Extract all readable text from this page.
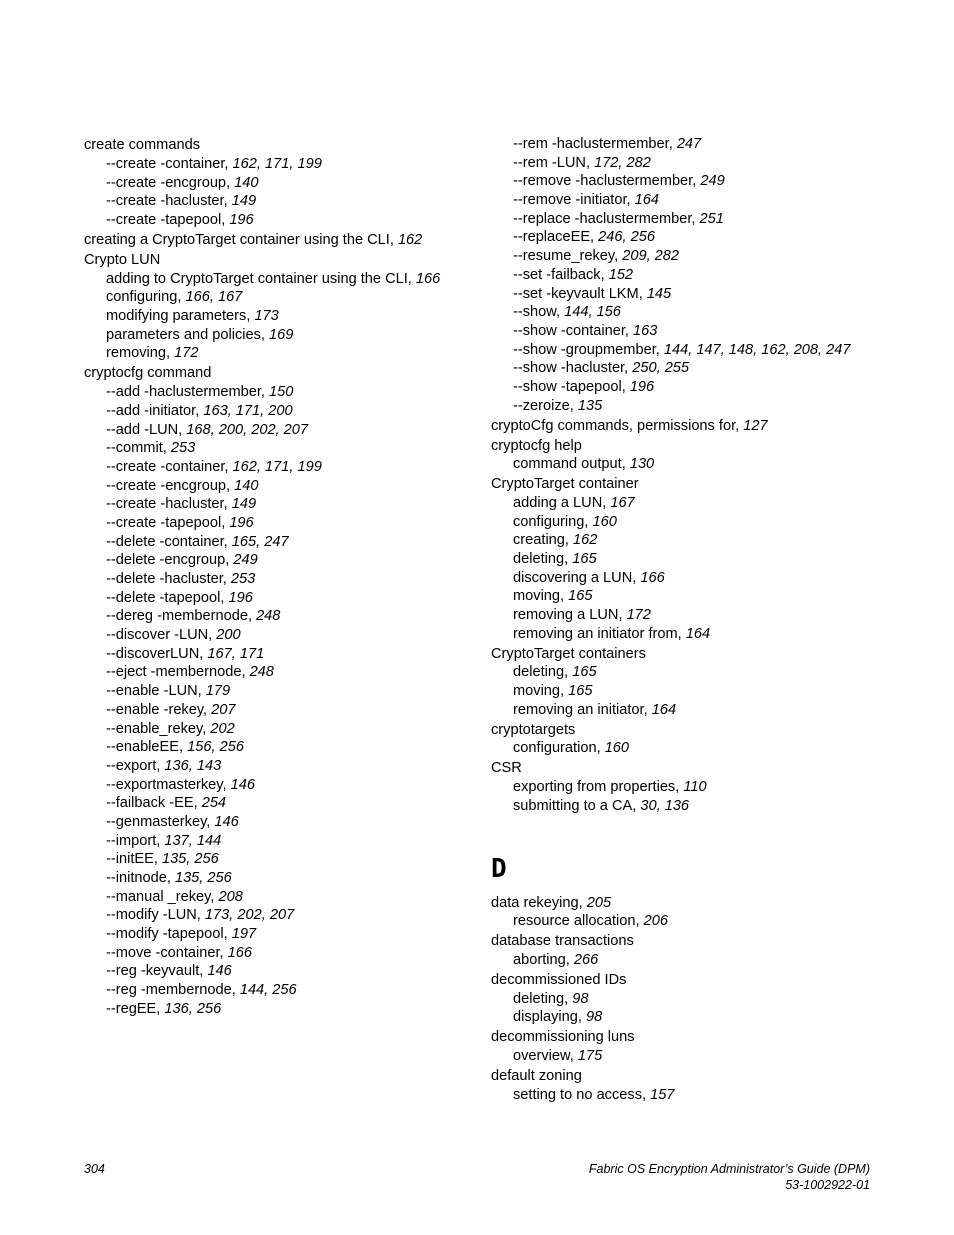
create commands
--create -container, 162, 171, 199
--create -encgroup, 140
--create -hacluster, 149
--create -tapepool, 196
creating a CryptoTarget container using the CLI, 162
Crypto LUN
adding to CryptoTarget container using the CLI, 166
configuring, 166, 167
modifying parameters, 173
parameters and policies, 169
removing, 172
cryptocfg command
--add -haclustermember, 150
--add -initiator, 163, 171, 200
--add -LUN, 168, 200, 202, 207
--commit, 253
--create -container, 162, 171, 199
--create -encgroup, 140
--create -hacluster, 149
--create -tapepool, 196
--delete -container, 165, 247
--delete -encgroup, 249
--delete -hacluster, 253
--delete -tapepool, 196
--dereg -membernode, 248
--discover -LUN, 200
--discoverLUN, 167, 171
--eject -membernode, 248
--enable -LUN, 179
--enable -rekey, 207
--enable_rekey, 202
--enableEE, 156, 256
--export, 136, 143
--exportmasterkey, 146
--failback -EE, 254
--genmasterkey, 146
--import, 137, 144
--initEE, 135, 256
--initnode, 135, 256
--manual _rekey, 208
--modify -LUN, 173, 202, 207
--modify -tapepool, 197
--move -container, 166
--reg -keyvault, 146
--reg -membernode, 144, 256
--regEE, 136, 256
--rem -haclustermember, 247
--rem -LUN, 172, 282
--remove -haclustermember, 249
--remove -initiator, 164
--replace -haclustermember, 251
--replaceEE, 246, 256
--resume_rekey, 209, 282
--set -failback, 152
--set -keyvault LKM, 145
--show, 144, 156
--show -container, 163
--show -groupmember, 144, 147, 148, 162, 208, 247
--show -hacluster, 250, 255
--show -tapepool, 196
--zeroize, 135
cryptoCfg commands, permissions for, 127
cryptocfg help
command output, 130
CryptoTarget container
adding a LUN, 167
configuring, 160
creating, 162
deleting, 165
discovering a LUN, 166
moving, 165
removing a LUN, 172
removing an initiator from, 164
CryptoTarget containers
deleting, 165
moving, 165
removing an initiator, 164
cryptotargets
configuration, 160
CSR
exporting from properties, 110
submitting to a CA, 30, 136
D
data rekeying, 205
resource allocation, 206
database transactions
aborting, 266
decommissioned IDs
deleting, 98
displaying, 98
decommissioning luns
overview, 175
default zoning
setting to no access, 157
304	Fabric OS Encryption Administrator’s Guide (DPM)
53-1002922-01
